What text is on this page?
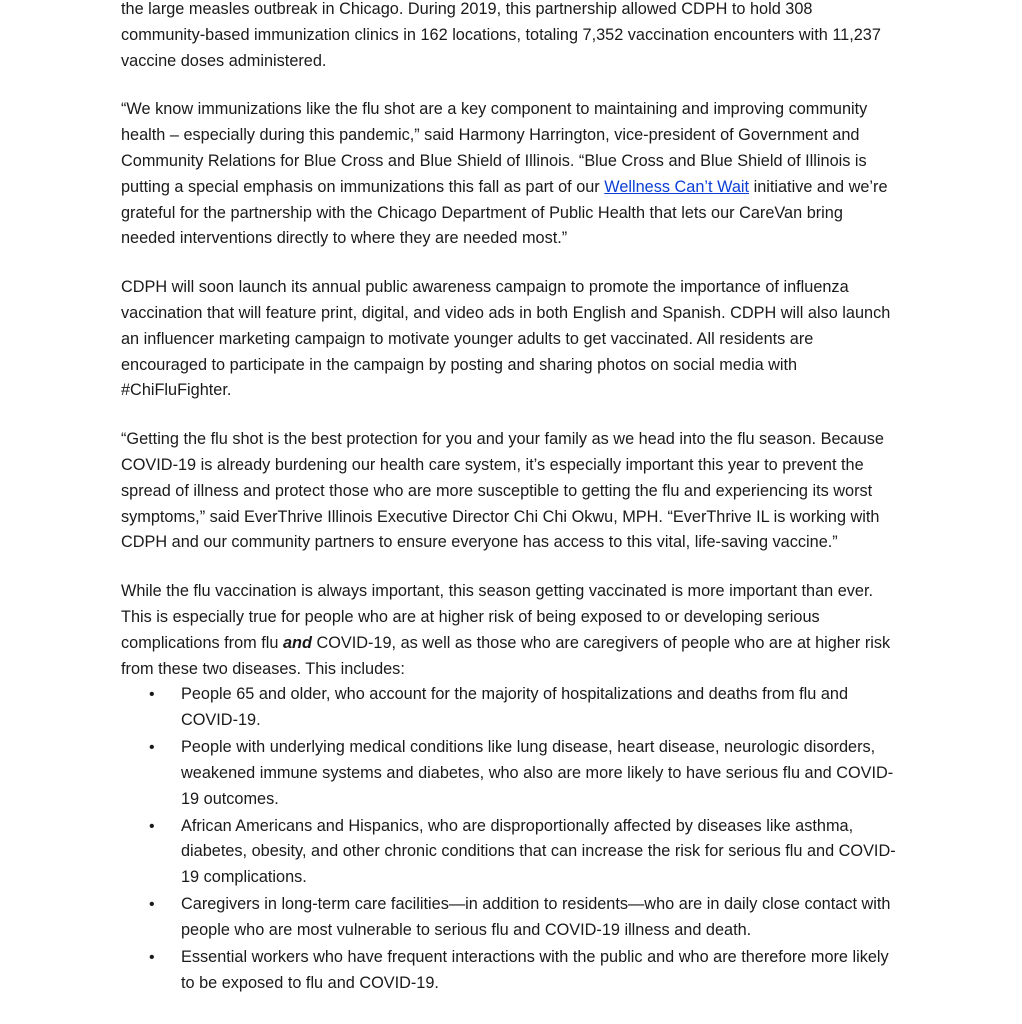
the large measles outbreak in Chicago. During 2019, this partnership allowed CDPH to hold 308 community-based immunization clinics in 162 locations, totaling 7,352 vaccination encounters with 11,237 vaccine doses administered.

“We know immunizations like the flu shot are a key component to maintaining and improving community health – especially during this pandemic,” said Harmony Harrington, vice-president of Government and Community Relations for Blue Cross and Blue Shield of Illinois. “Blue Cross and Blue Shield of Illinois is putting a special emphasis on immunizations this fall as part of our Wellness Can’t Wait initiative and we’re grateful for the partnership with the Chicago Department of Public Health that lets our CareVan bring needed interventions directly to where they are needed most.”

CDPH will soon launch its annual public awareness campaign to promote the importance of influenza vaccination that will feature print, digital, and video ads in both English and Spanish. CDPH will also launch an influencer marketing campaign to motivate younger adults to get vaccinated. All residents are encouraged to participate in the campaign by posting and sharing photos on social media with #ChiFluFighter.

“Getting the flu shot is the best protection for you and your family as we head into the flu season. Because COVID-19 is already burdening our health care system, it’s especially important this year to prevent the spread of illness and protect those who are more susceptible to getting the flu and experiencing its worst symptoms,” said EverThrive Illinois Executive Director Chi Chi Okwu, MPH. “EverThrive IL is working with CDPH and our community partners to ensure everyone has access to this vital, life-saving vaccine.”

While the flu vaccination is always important, this season getting vaccinated is more important than ever. This is especially true for people who are at higher risk of being exposed to or developing serious complications from flu and COVID-19, as well as those who are caregivers of people who are at higher risk from these two diseases. This includes:

• People 65 and older, who account for the majority of hospitalizations and deaths from flu and COVID-19.
• People with underlying medical conditions like lung disease, heart disease, neurologic disorders, weakened immune systems and diabetes, who also are more likely to have serious flu and COVID-19 outcomes.
• African Americans and Hispanics, who are disproportionally affected by diseases like asthma, diabetes, obesity, and other chronic conditions that can increase the risk for serious flu and COVID-19 complications.
• Caregivers in long-term care facilities—in addition to residents—who are in daily close contact with people who are most vulnerable to serious flu and COVID-19 illness and death.
• Essential workers who have frequent interactions with the public and who are therefore more likely to be exposed to flu and COVID-19.
